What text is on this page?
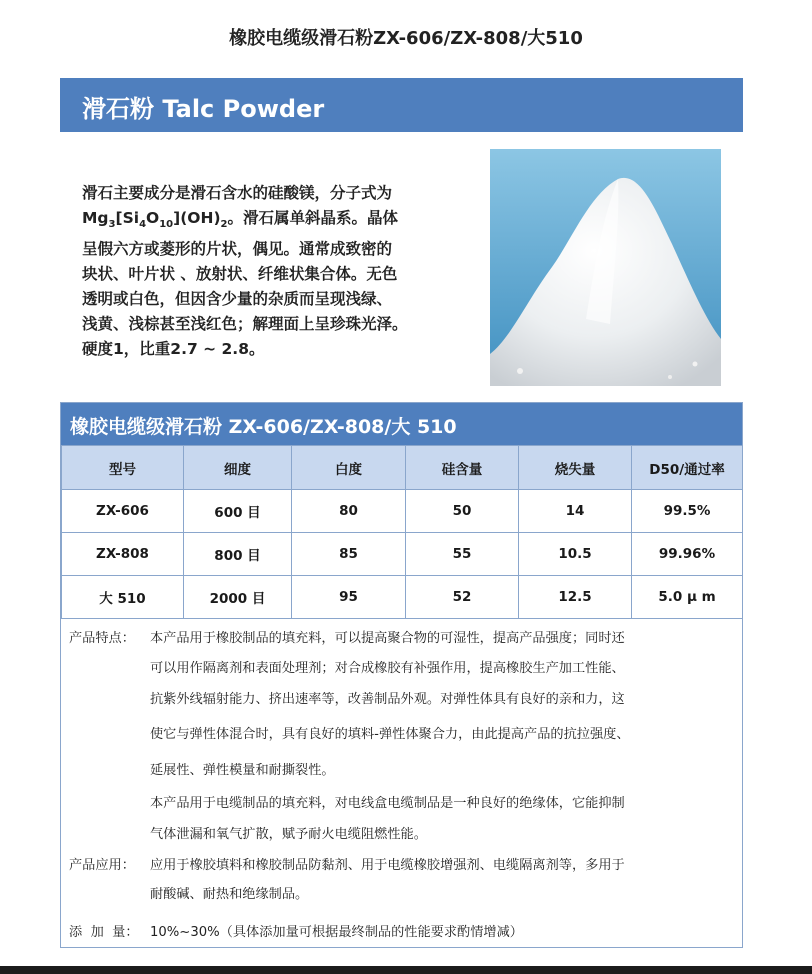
橡胶电缆级滑石粉ZX-606/ZX-808/大510
滑石粉 Talc Powder
滑石主要成分是滑石含水的硅酸镁，分子式为
$Mg_3[Si_4O_{10}](OH)_2$。滑石属单斜晶系。晶体
呈假六方或菱形的片状，偶见。通常成致密的
块状、叶片状 、放射状、纤维状集合体。无色
透明或白色，但因含少量的杂质而呈现浅绿、
浅黄、浅棕甚至浅红色；解理面上呈珍珠光泽。
硬度1，比重2.7 ~ 2.8。
橡胶电缆级滑石粉 ZX-606/ZX-808/大 510
型号	细度	白度	硅含量	烧失量	D50/通过率
ZX-606	600 目	80	50	14	99.5%
ZX-808	800 目	85	55	10.5	99.96%
大 510	2000 目	95	52	12.5	5.0 μ m
产品特点： 本产品用于橡胶制品的填充料，可以提高聚合物的可湿性，提高产品强度；同时还
可以用作隔离剂和表面处理剂；对合成橡胶有补强作用，提高橡胶生产加工性能、
抗紫外线辐射能力、挤出速率等，改善制品外观。对弹性体具有良好的亲和力，这
使它与弹性体混合时，具有良好的填料-弹性体聚合力，由此提高产品的抗拉强度、
延展性、弹性模量和耐撕裂性。
本产品用于电缆制品的填充料，对电线盒电缆制品是一种良好的绝缘体，它能抑制
气体泄漏和氧气扩散，赋予耐火电缆阻燃性能。
产品应用： 应用于橡胶填料和橡胶制品防黏剂、用于电缆橡胶增强剂、电缆隔离剂等，多用于
耐酸碱、耐热和绝缘制品。
添  加  量： 10%~30%（具体添加量可根据最终制品的性能要求酌情增减）
